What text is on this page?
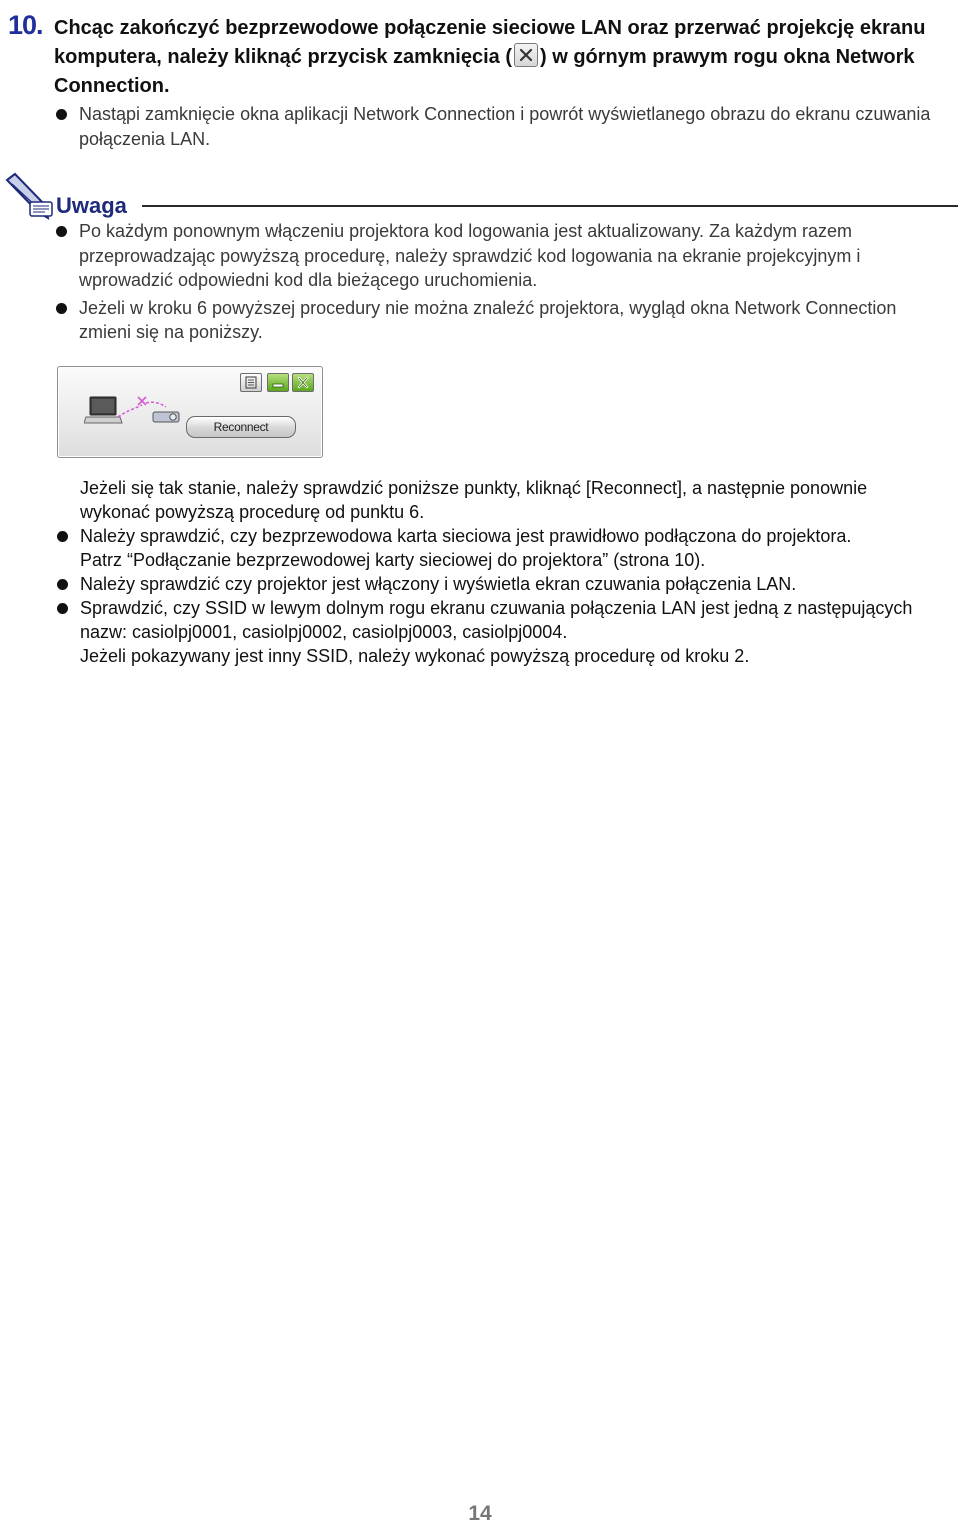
10. Chcąc zakończyć bezprzewodowe połączenie sieciowe LAN oraz przerwać projekcję ekranu komputera, należy kliknąć przycisk zamknięcia ( ) w górnym prawym rogu okna Network Connection.
Nastąpi zamknięcie okna aplikacji Network Connection i powrót wyświetlanego obrazu do ekranu czuwania połączenia LAN.
Uwaga
Po każdym ponownym włączeniu projektora kod logowania jest aktualizowany. Za każdym razem przeprowadzając powyższą procedurę, należy sprawdzić kod logowania na ekranie projekcyjnym i wprowadzić odpowiedni kod dla bieżącego uruchomienia.
Jeżeli w kroku 6 powyższej procedury nie można znaleźć projektora, wygląd okna Network Connection zmieni się na poniższy.
Reconnect
Jeżeli się tak stanie, należy sprawdzić poniższe punkty, kliknąć [Reconnect], a następnie ponownie wykonać powyższą procedurę od punktu 6.
Należy sprawdzić, czy bezprzewodowa karta sieciowa jest prawidłowo podłączona do projektora.
Patrz “Podłączanie bezprzewodowej karty sieciowej do projektora” (strona 10).
Należy sprawdzić czy projektor jest włączony i wyświetla ekran czuwania połączenia LAN.
Sprawdzić, czy SSID w lewym dolnym rogu ekranu czuwania połączenia LAN jest jedną z następujących nazw: casiolpj0001, casiolpj0002, casiolpj0003, casiolpj0004.
Jeżeli pokazywany jest inny SSID, należy wykonać powyższą procedurę od kroku 2.
14
